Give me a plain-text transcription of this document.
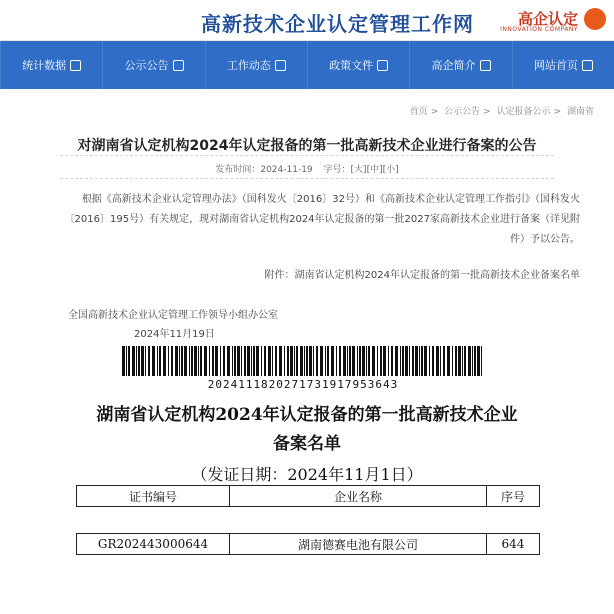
高新技术企业认定管理工作网	高企认定
INNOVATION COMPANY
网站首页
高企简介
政策文件
工作动态
公示公告
统计数据
首页 > 公示公告 > 认定报备公示 > 湖南省
对湖南省认定机构2024年认定报备的第一批高新技术企业进行备案的公告
发布时间：2024-11-19 字号：[大][中][小]
根据《高新技术企业认定管理办法》（国科发火〔2016〕32号）和《高新技术企业认定管理工作指引》（国科发火〔2016〕195号）有关规定，现对湖南省认定机构2024年认定报备的第一批2027家高新技术企业进行备案（详见附件）予以公告。
附件：湖南省认定机构2024年认定报备的第一批高新技术企业备案名单
全国高新技术企业认定管理工作领导小组办公室
2024年11月19日
2024111820271731917953643
湖南省认定机构2024年认定报备的第一批高新技术企业
备案名单
（发证日期：2024年11月1日）
证书编号	企业名称	序号
GR202443000644	湖南德赛电池有限公司	644
